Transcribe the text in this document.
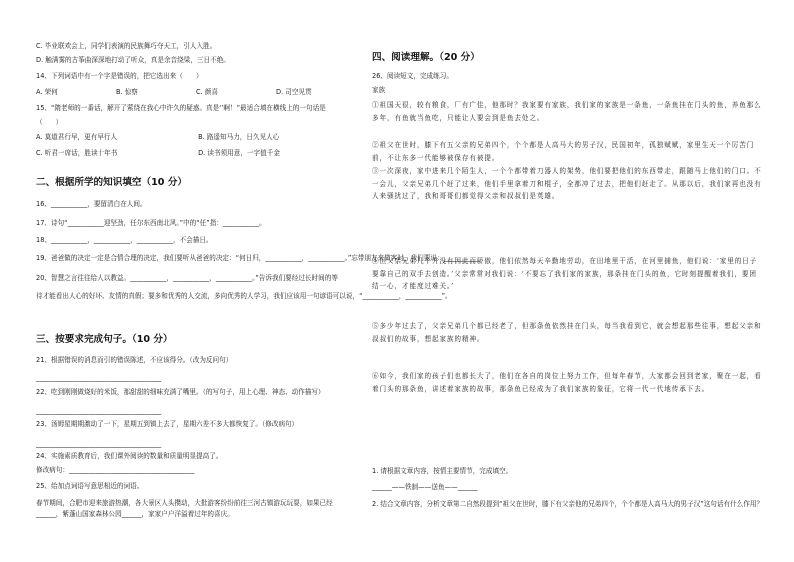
C. 毕业联欢会上，同学们表演的民族舞巧夺天工，引人入胜。
D. 触满雾的古筝曲深深地打动了听众，真是余音绕梁，三日不绝。
14、下列词语中有一个字是错误的，把它选出来（　　）
A. 荣何	B. 惊察	C. 颜喜	D. 司空见贯
15、“隋老师的一番话，解开了萦绕在我心中许久的疑惑。真是‘’啊！”最适合填在横线上的一句话是
（　　）
A. 莫道君行早，更有早行人	B. 路遥知马力，日久见人心
C. 听君一席话，胜读十年书	D. 读书须用意，一字值千金
二、根据所学的知识填空（10 分）
16、___________，要留清白在人间。
17、诗句“___________迎坚劲，任尔东西南北风。”中的“任”指：___________。
18、___________，___________，___________，不会描日。
19、爸爸做的决定一定是合情合理的决定，我们要听从爸爸的决定：“何日归，___________，___________。”忘带朋友来做客时，我们要说：___________
20、智慧之言往往给人以教益。___________，___________，___________。”告诉我们要经过长时间的等
待才能看出人心的好坏、友情的真假；要多和优秀的人交流，多向优秀的人学习，我们应该用一句谚语可以说，“___________，___________”。
三、按要求完成句子。（10 分）
21、根据错误的消息而引的错误陈述，不应该得分。（改为反问句）
______________________________________
22、吃到刚刚做烧好的米饭，那甜甜的细味充满了嘴里。（的写句子，用上心理、神态、动作描写）
______________________________________
23、汤姆星期期激动了一下，星期五到镇上去了，星期六差不多大都恢复了。（修改病句）
______________________________________
24、实施素质教育后，我们课外阅读的数量和质量明显提高了。
修改病句：______________________________________
25、给加点词语写意思相近的词语。
春节期间，合肥市迎来旅游热潮，各大景区人头攒动，大批游客纷纷前往三河古镇游玩玩耍，如果已经______，紫蓬山国家森林公园______，家家户户洋溢着过年的喜庆。
四、阅读理解。（20 分）
26、阅读短文，完成练习。
家族
①祖国天很，较有粮食，厂有广佳，他那时？我家要有家族，我们家的家族是一条鱼，一条鱼挂在门头的鱼，养鱼那么多年，有鱼就当鱼吃，只能让人要会到是鱼去处之。
②祖父在世时，膝下有五父亲的兄弟四个，个个都是人高马大的男子汉，民国初年，孤独赋赋，家里生天一个厉苦门前，不让东多一代能够被保存有被提。
③一次深夜，家中进来几个陌生人，一个个都带着刀器人的架势，他们要把他们的东西带走，跟随马上他们的门口。不一会儿，父亲兄弟几个赶了过来，他们手里拿着刀和棍子，全都冲了过去，把他们赶走了。从那以后，我们家再也没有人来骚扰过了，我和哥哥们都觉得父亲和叔叔们是英雄。
④但父亲兄弟几个并没有因此而骄傲，他们依然每天辛勤地劳动，在田地里干活，在河里捕鱼，他们说：‘家里的日子要靠自己的双手去创造。’父亲常常对我们说：‘不要忘了我们家的家族，那条挂在门头的鱼，它时刻提醒着我们，要团结一心，才能度过难关。’
⑤多少年过去了，父亲兄弟几个都已经老了，但那条鱼依然挂在门头，每当我看到它，就会想起那些往事，想起父亲和叔叔们的故事，想起家族的精神。
⑥如今，我们家的孩子们也都长大了，他们在各自的岗位上努力工作，但每年春节，大家都会回到老家，聚在一起，看着门头的那条鱼，讲述着家族的故事，那条鱼已经成为了我们家族的象征，它将一代一代地传承下去。
1. 请根据文章内容，按情主要情节，完成填空。
______——铁制——送鱼——______
2. 结合文章内容，分析文章第二自然段提到“祖父在世时，膝下有父亲他的兄弟四个，个个都是人高马大的男子汉”这句话有什么作用？
